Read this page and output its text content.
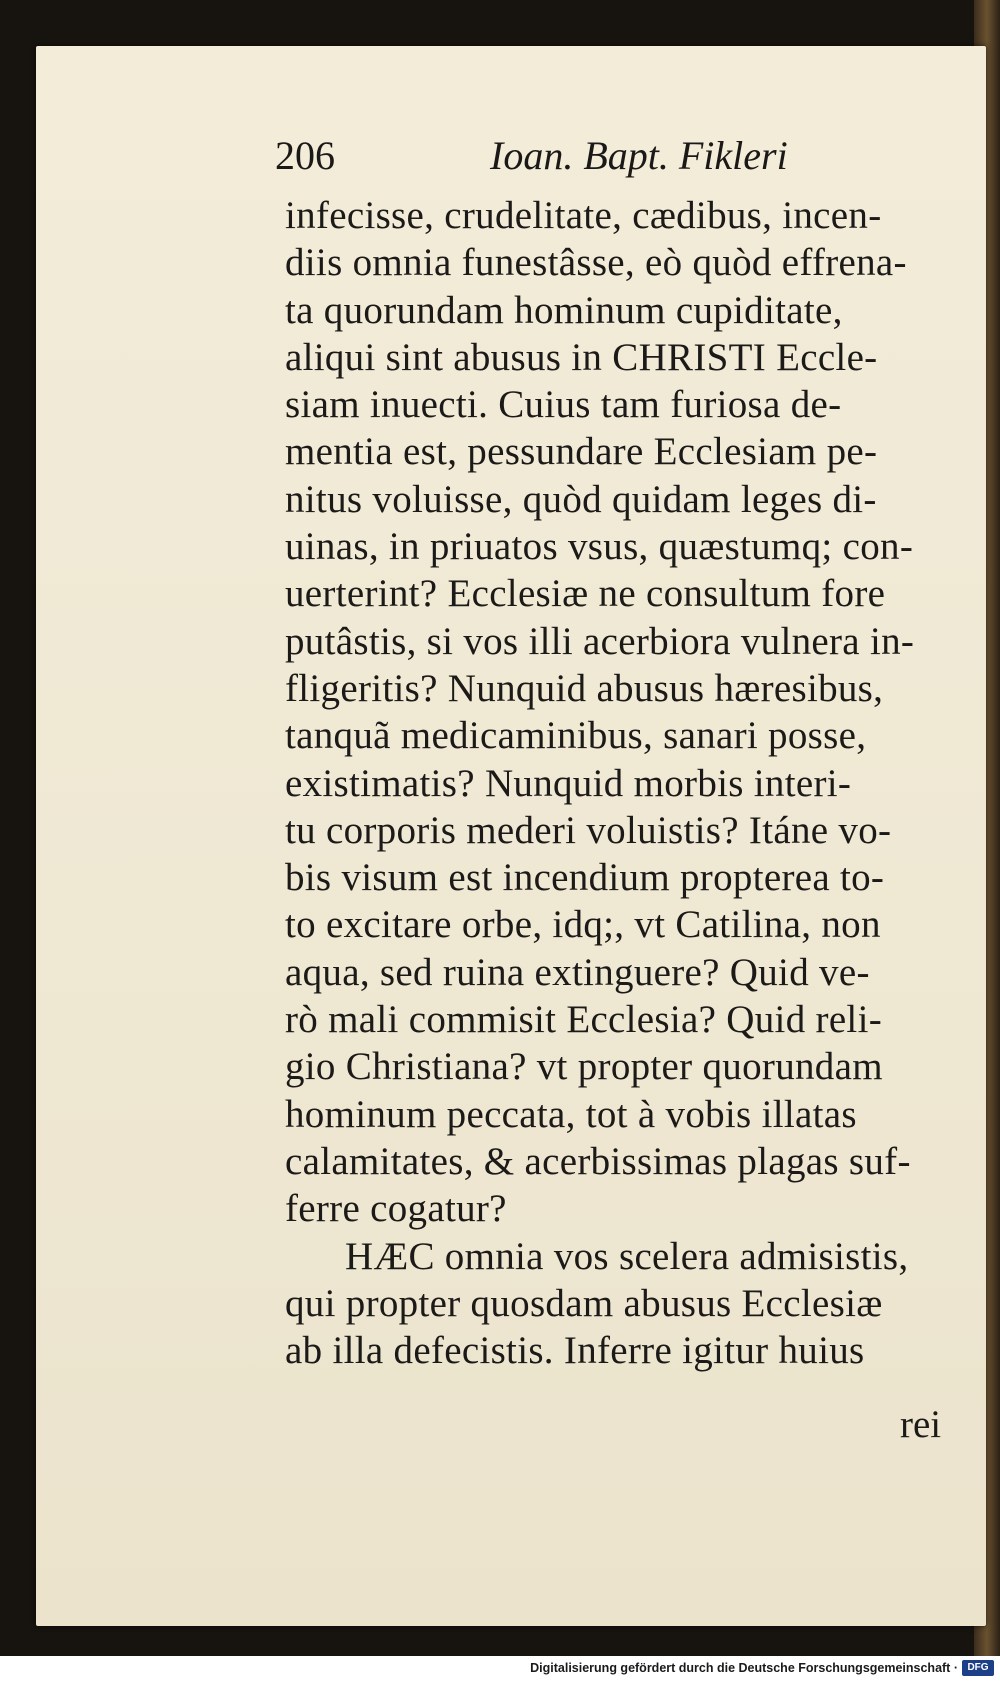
206	Ioan. Bapt. Fikleri
infecisse, crudelitate, cædibus, incen-
diis omnia funestâsse, eò quòd effrena-
ta quorundam hominum cupiditate,
aliqui sint abusus in CHRISTI Eccle-
siam inuecti. Cuius tam furiosa de-
mentia est, pessundare Ecclesiam pe-
nitus voluisse, quòd quidam leges di-
uinas, in priuatos vsus, quæstumq; con-
uerterint? Ecclesiæ ne consultum fore
putâstis, si vos illi acerbiora vulnera in-
fligeritis? Nunquid abusus hæresibus,
tanquã medicaminibus, sanari posse,
existimatis? Nunquid morbis interi-
tu corporis mederi voluistis? Itáne vo-
bis visum est incendium propterea to-
to excitare orbe, idq;, vt Catilina, non
aqua, sed ruina extinguere? Quid ve-
rò mali commisit Ecclesia? Quid reli-
gio Christiana? vt propter quorundam
hominum peccata, tot à vobis illatas
calamitates, & acerbissimas plagas suf-
ferre cogatur?
HÆC omnia vos scelera admisistis,
qui propter quosdam abusus Ecclesiæ
ab illa defecistis. Inferre igitur huius
rei
Digitalisierung gefördert durch die Deutsche Forschungsgemeinschaft · DFG
